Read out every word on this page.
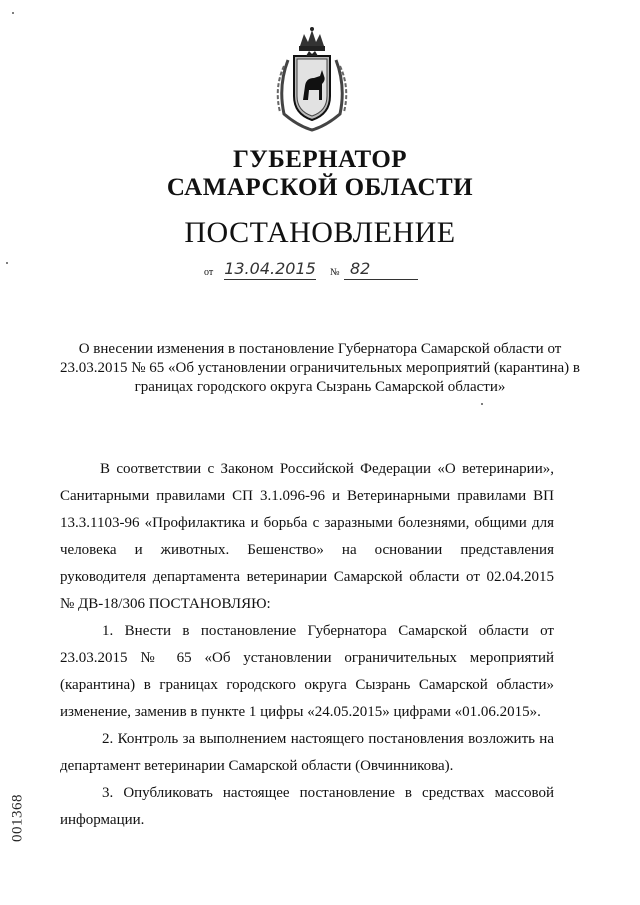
ГУБЕРНАТОР
САМАРСКОЙ ОБЛАСТИ
ПОСТАНОВЛЕНИЕ
от 13.04.2015 № 82
О внесении изменения в постановление Губернатора Самарской области от 23.03.2015 № 65 «Об установлении ограничительных мероприятий (карантина) в границах городского округа Сызрань Самарской области»

В соответствии с Законом Российской Федерации «О ветеринарии», Санитарными правилами СП 3.1.096-96 и Ветеринарными правилами ВП 13.3.1103-96 «Профилактика и борьба с заразными болезнями, общими для человека и животных. Бешенство» на основании представления руководителя департамента ветеринарии Самарской области от 02.04.2015 № ДВ-18/306 ПОСТАНОВЛЯЮ:

1. Внести в постановление Губернатора Самарской области от 23.03.2015 № 65 «Об установлении ограничительных мероприятий (карантина) в границах городского округа Сызрань Самарской области» изменение, заменив в пункте 1 цифры «24.05.2015» цифрами «01.06.2015».

2. Контроль за выполнением настоящего постановления возложить на департамент ветеринарии Самарской области (Овчинникова).

3. Опубликовать настоящее постановление в средствах массовой информации.

001368
